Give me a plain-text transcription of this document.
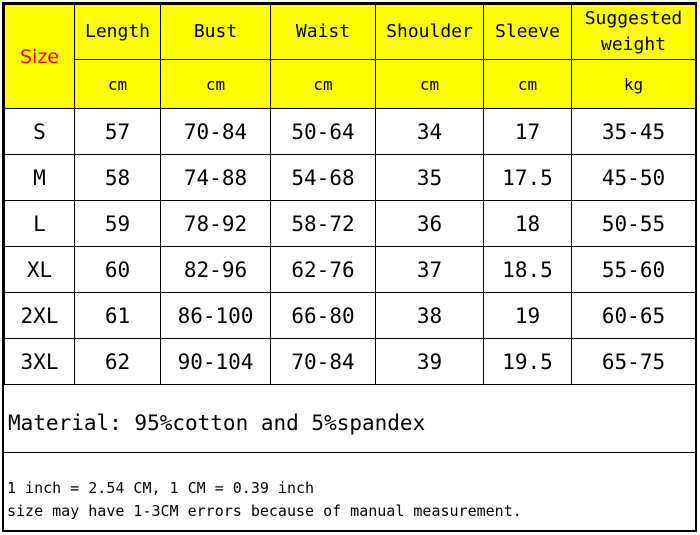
Size	Length	Bust	Waist	Shoulder	Sleeve	Suggested
weight

	cm	cm	cm	cm	cm	kg
S	57	70-84	50-64	34	17	35-45
M	58	74-88	54-68	35	17.5	45-50
L	59	78-92	58-72	36	18	50-55
XL	60	82-96	62-76	37	18.5	55-60
2XL	61	86-100	66-80	38	19	60-65
3XL	62	90-104	70-84	39	19.5	65-75
Material: 95%cotton and 5%spandex
1 inch = 2.54 CM, 1 CM = 0.39 inch
size may have 1-3CM errors because of manual measurement.
